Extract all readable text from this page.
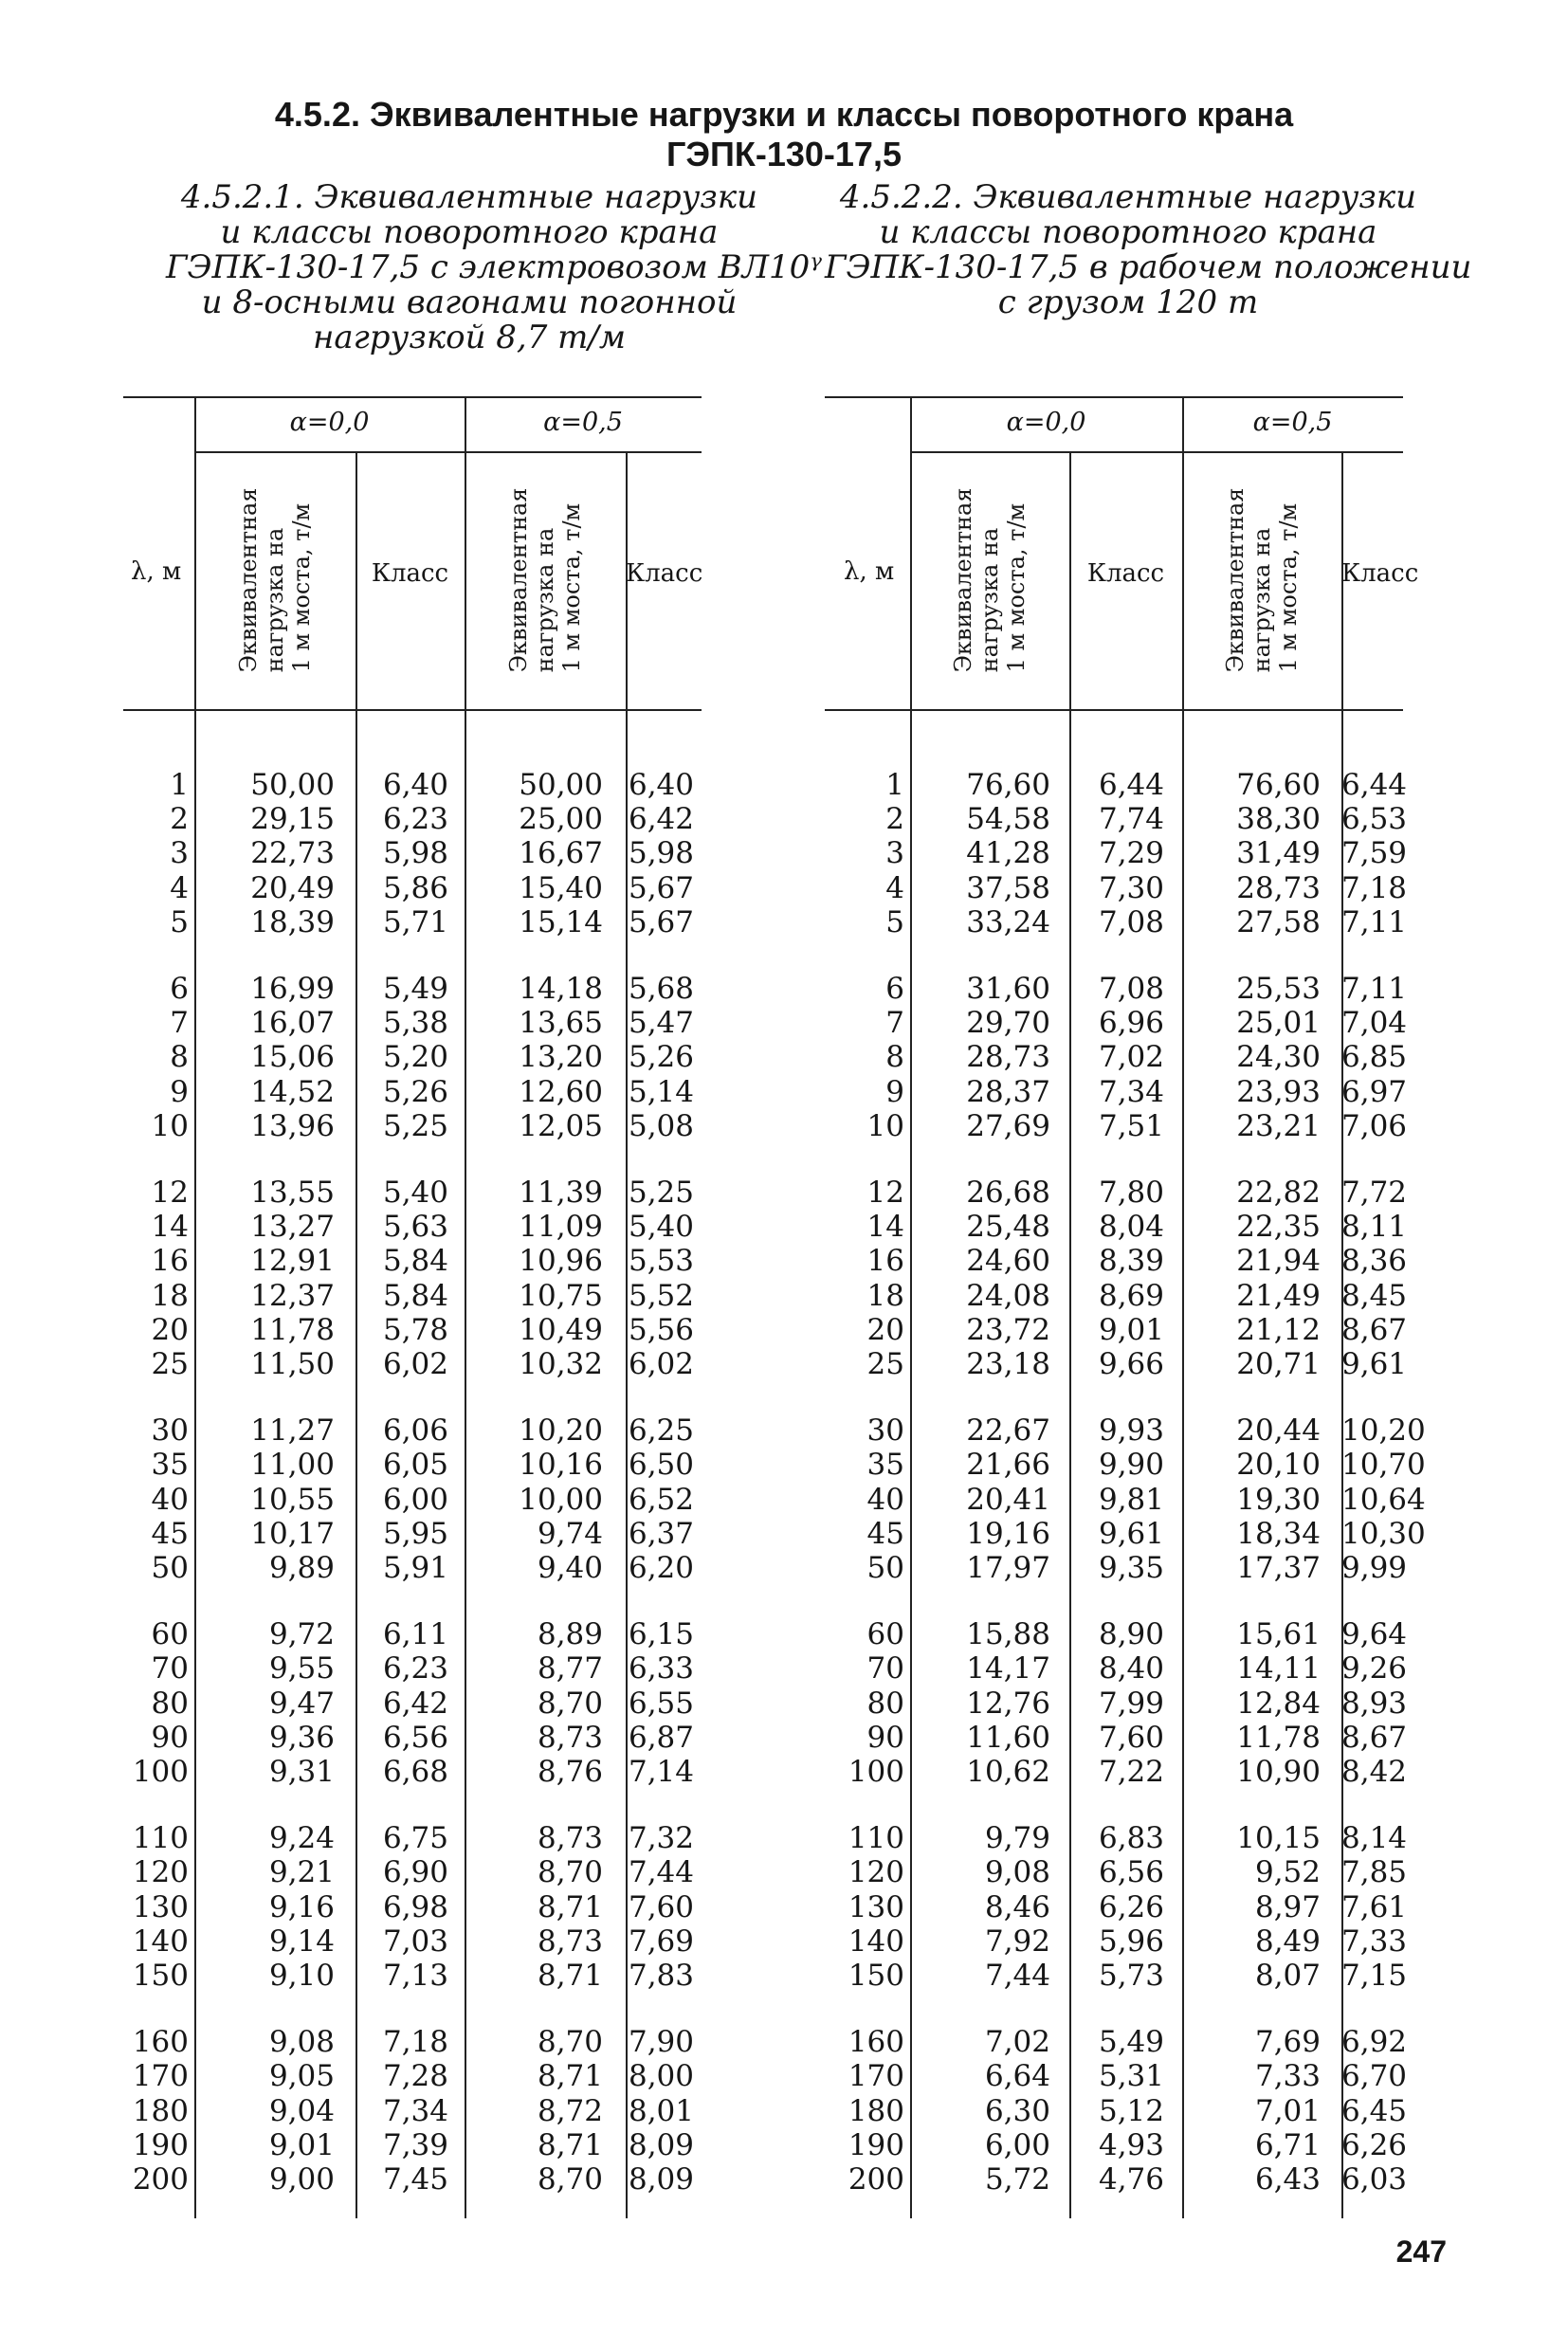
4.5.2. Эквивалентные нагрузки и классы поворотного крана
ГЭПК-130-17,5
4.5.2.1. Эквивалентные нагрузки
и классы поворотного крана
ГЭПК-130-17,5 с электровозом ВЛ10ᵞ
и 8-осными вагонами погонной
нагрузкой 8,7 т/м
4.5.2.2. Эквивалентные нагрузки
и классы поворотного крана
ГЭПК-130-17,5 в рабочем положении
с грузом 120 т
α=0,0	α=0,5
λ, м Эквивалентная нагрузка на 1 м моста, т/м	Эквивалентная нагрузка на 1 м моста, т/м
Класс	Класс
1	50,00	6,40	50,00 6,40
2	29,15	6,23	25,00 6,42
3	22,73	5,98	16,67 5,98
4	20,49	5,86	15,40 5,67
5	18,39	5,71	15,14 5,67
6	16,99	5,49	14,18 5,68
7	16,07	5,38	13,65 5,47
8	15,06	5,20	13,20 5,26
9	14,52	5,26	12,60 5,14
10	13,96	5,25	12,05 5,08
12	13,55	5,40	11,39 5,25
14	13,27	5,63	11,09 5,40
16	12,91	5,84	10,96 5,53
18	12,37	5,84	10,75 5,52
20	11,78	5,78	10,49 5,56
25	11,50	6,02	10,32 6,02
30	11,27	6,06	10,20 6,25
35	11,00	6,05	10,16 6,50
40	10,55	6,00	10,00 6,52
45	10,17	5,95	9,74 6,37
50	9,89	5,91	9,40 6,20
60	9,72	6,11	8,89 6,15
70	9,55	6,23	8,77 6,33
80	9,47	6,42	8,70 6,55
90	9,36	6,56	8,73 6,87
100	9,31	6,68	8,76 7,14
110	9,24	6,75	8,73 7,32
120	9,21	6,90	8,70 7,44
130	9,16	6,98	8,71 7,60
140	9,14	7,03	8,73 7,69
150	9,10	7,13	8,71 7,83
160	9,08	7,18	8,70 7,90
170	9,05	7,28	8,71 8,00
180	9,04	7,34	8,72 8,01
190	9,01	7,39	8,71 8,09
200	9,00	7,45	8,70 8,09
α=0,0	α=0,5
λ, м Эквивалентная нагрузка на 1 м моста, т/м	Эквивалентная нагрузка на 1 м моста, т/м
Класс	Класс
1	76,60	6,44	76,60 6,44
2	54,58	7,74	38,30 6,53
3	41,28	7,29	31,49 7,59
4	37,58	7,30	28,73 7,18
5	33,24	7,08	27,58 7,11
6	31,60	7,08	25,53 7,11
7	29,70	6,96	25,01 7,04
8	28,73	7,02	24,30 6,85
9	28,37	7,34	23,93 6,97
10	27,69	7,51	23,21 7,06
12	26,68	7,80	22,82 7,72
14	25,48	8,04	22,35 8,11
16	24,60	8,39	21,94 8,36
18	24,08	8,69	21,49 8,45
20	23,72	9,01	21,12 8,67
25	23,18	9,66	20,71 9,61
30	22,67	9,93	20,44 10,20
35	21,66	9,90	20,10 10,70
40	20,41	9,81	19,30 10,64
45	19,16	9,61	18,34 10,30
50	17,97	9,35	17,37 9,99
60	15,88	8,90	15,61 9,64
70	14,17	8,40	14,11 9,26
80	12,76	7,99	12,84 8,93
90	11,60	7,60	11,78 8,67
100	10,62	7,22	10,90 8,42
110	9,79	6,83	10,15 8,14
120	9,08	6,56	9,52 7,85
130	8,46	6,26	8,97 7,61
140	7,92	5,96	8,49 7,33
150	7,44	5,73	8,07 7,15
160	7,02	5,49	7,69 6,92
170	6,64	5,31	7,33 6,70
180	6,30	5,12	7,01 6,45
190	6,00	4,93	6,71 6,26
200	5,72	4,76	6,43 6,03
247
